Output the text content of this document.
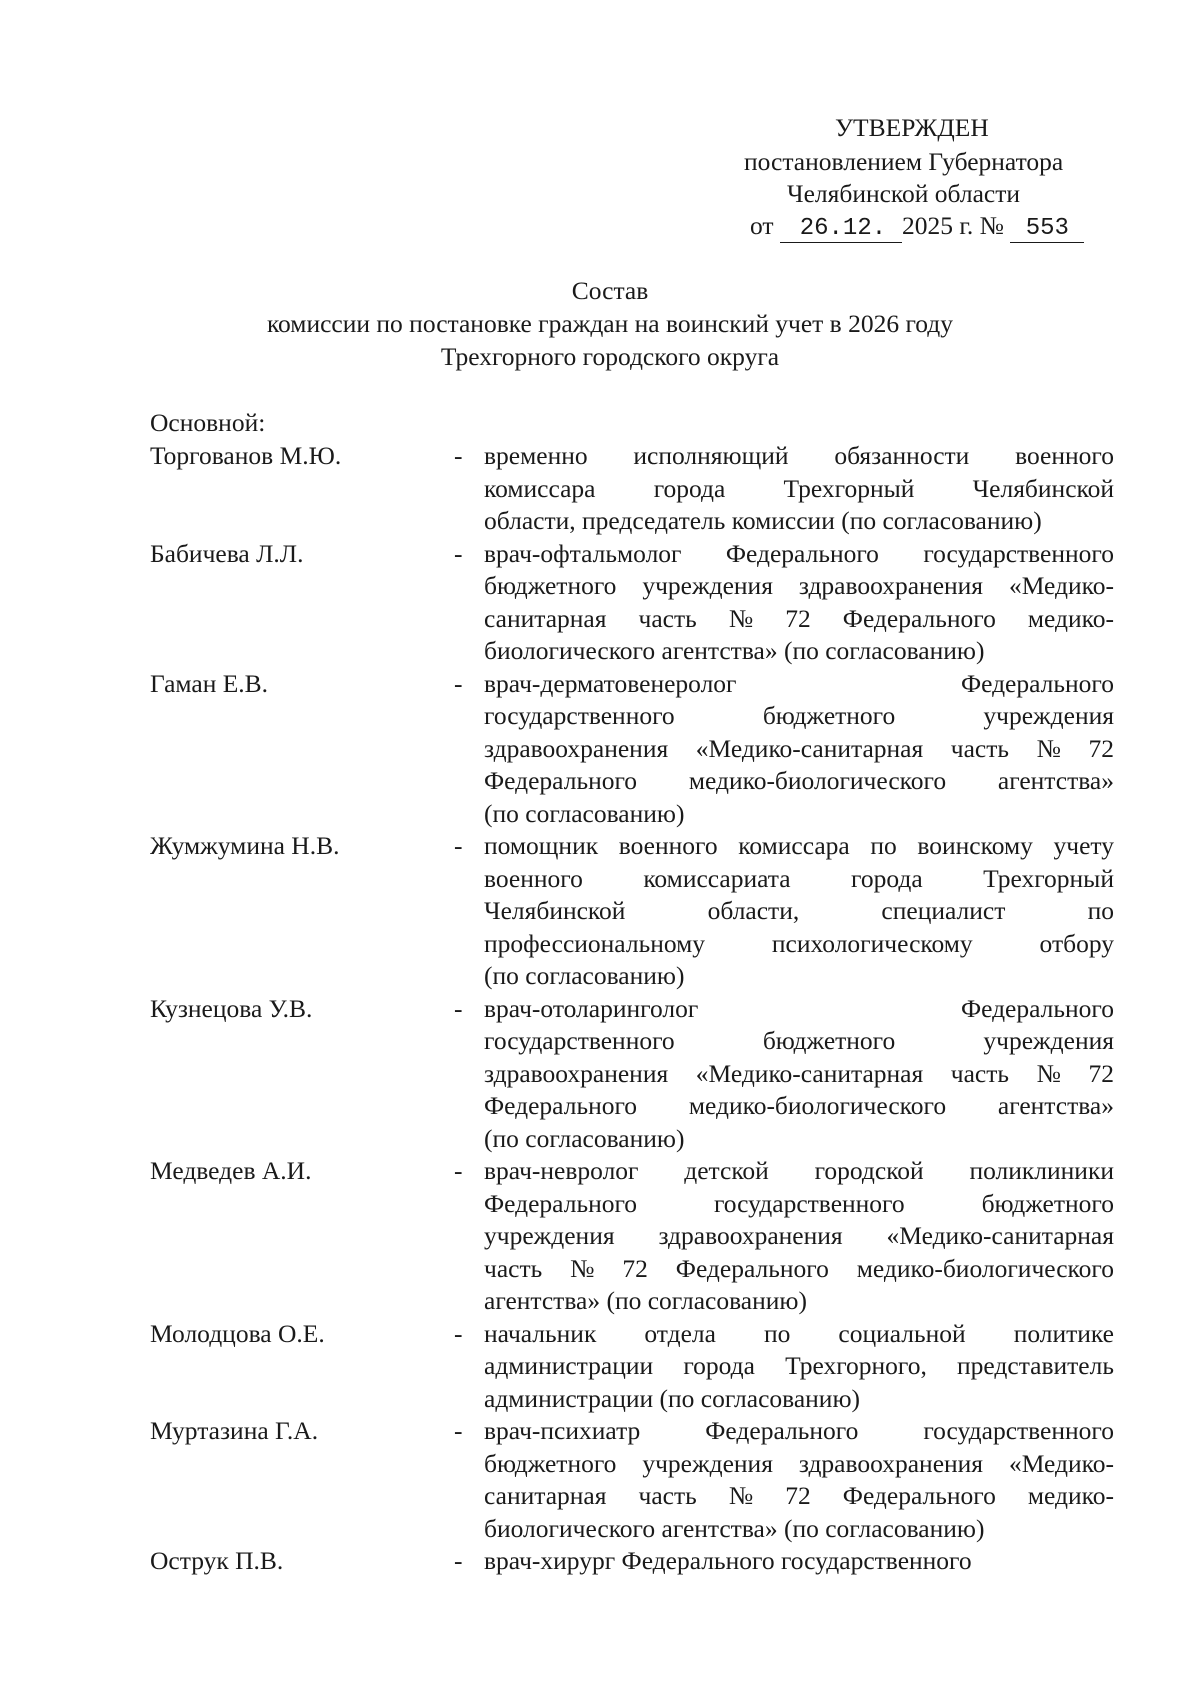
УТВЕРЖДЕН
постановлением Губернатора
Челябинской области
от 26.12. 2025 г. № 553
Состав
комиссии по постановке граждан на воинский учет в 2026 году
Трехгорного городского округа
Основной:
Торгованов М.Ю.	- временно исполняющий обязанности военного
комиссара города Трехгорный Челябинской
области, председатель комиссии (по согласованию)
Бабичева Л.Л.	- врач-офтальмолог Федерального государственного
бюджетного учреждения здравоохранения «Медико-
санитарная часть № 72 Федерального медико-
биологического агентства» (по согласованию)
Гаман Е.В.	- врач-дерматовенеролог	Федерального
государственного	бюджетного	учреждения
здравоохранения «Медико-санитарная часть № 72
Федерального медико-биологического агентства»
(по согласованию)
Жумжумина Н.В.	- помощник военного комиссара по воинскому учету
военного комиссариата города Трехгорный
Челябинской	области,	специалист	по
профессиональному	психологическому	отбору
(по согласованию)
Кузнецова У.В.	- врач-отоларинголог	Федерального
государственного	бюджетного	учреждения
здравоохранения «Медико-санитарная часть № 72
Федерального медико-биологического агентства»
(по согласованию)
Медведев А.И.	- врач-невролог детской городской поликлиники
Федерального	государственного	бюджетного
учреждения здравоохранения «Медико-санитарная
часть № 72 Федерального медико-биологического
агентства» (по согласованию)
Молодцова О.Е.	- начальник отдела по социальной политике
администрации города Трехгорного, представитель
администрации (по согласованию)
Муртазина Г.А.	- врач-психиатр	Федерального	государственного
бюджетного учреждения здравоохранения «Медико-
санитарная часть № 72 Федерального медико-
биологического агентства» (по согласованию)
Острук П.В.	- врач-хирург Федерального государственного
